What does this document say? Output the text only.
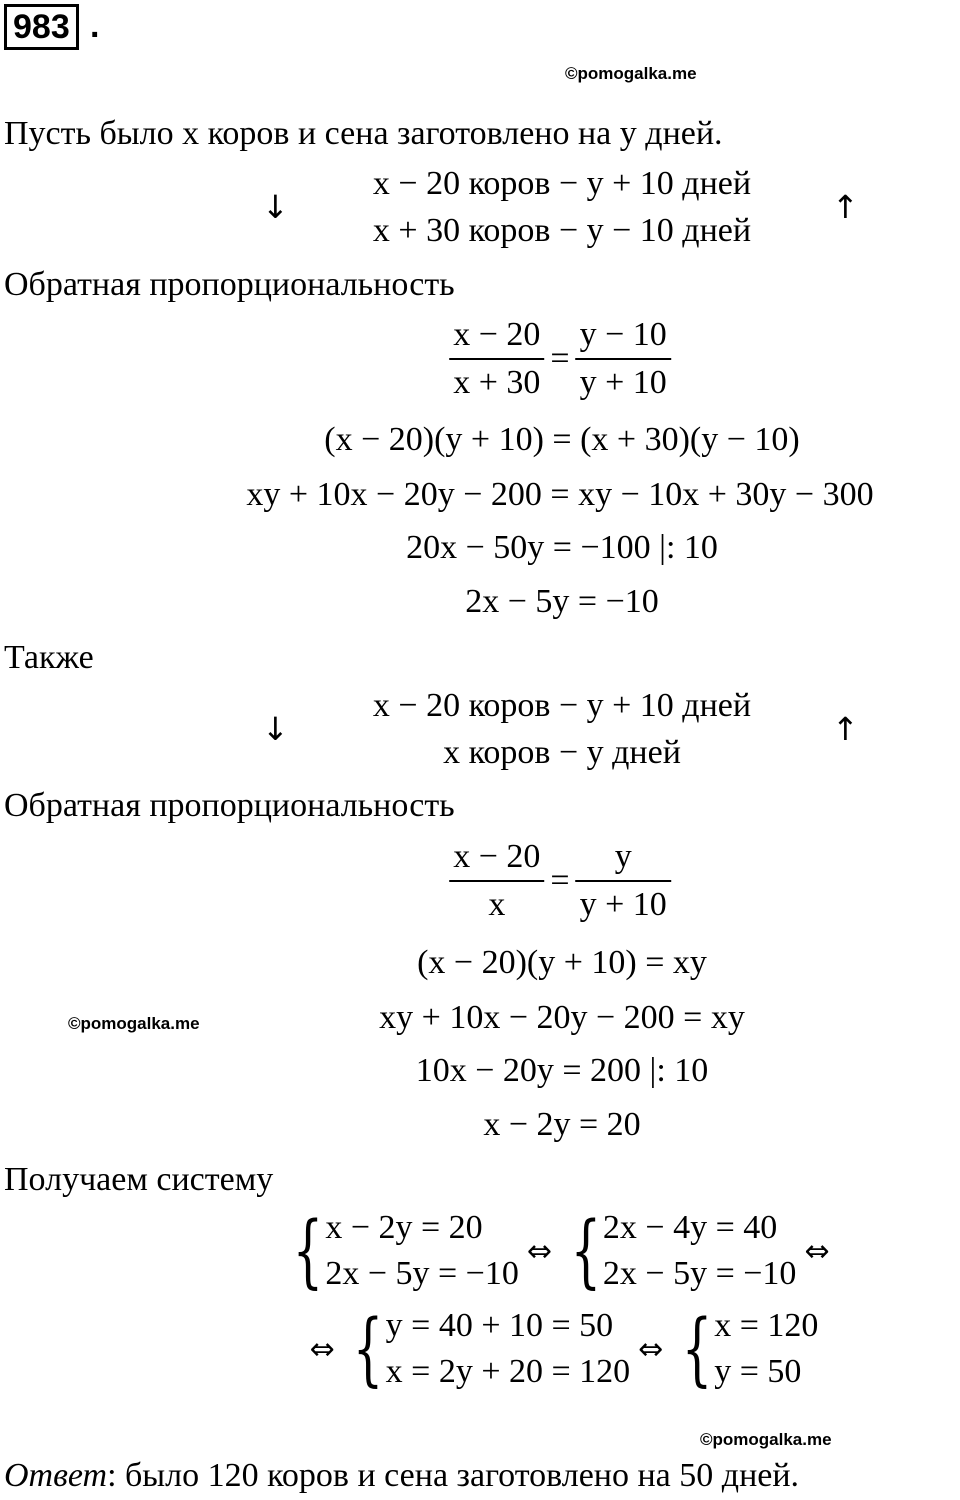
983 .
©pomogalka.me
Пусть было x коров и сена заготовлено на y дней.
↓
x − 20 коров − y + 10 дней
x + 30 коров − y − 10 дней
↑
Обратная пропорциональность
$\frac{x - 20}{x + 30} = \frac{y - 10}{y + 10}$
(x − 20)(y + 10) = (x + 30)(y − 10)
xy + 10x − 20y − 200 = xy − 10x + 30y − 300
20x − 50y = −100 |: 10
2x − 5y = −10
Также
↓
x − 20 коров − y + 10 дней
x коров − y дней
↑
Обратная пропорциональность
$\frac{x - 20}{x} = \frac{y}{y + 10}$
(x − 20)(y + 10) = xy
©pomogalka.me	xy + 10x − 20y − 200 = xy
10x − 20y = 200 |: 10
x − 2y = 20
Получаем систему
{ x − 2y = 20
2x − 5y = −10
⇔ { 2x − 4y = 40
2x − 5y = −10
⇔
⇔ { y = 40 + 10 = 50
x = 2y + 20 = 120
⇔ { x = 120
y = 50
©pomogalka.me
Ответ: было 120 коров и сена заготовлено на 50 дней.
